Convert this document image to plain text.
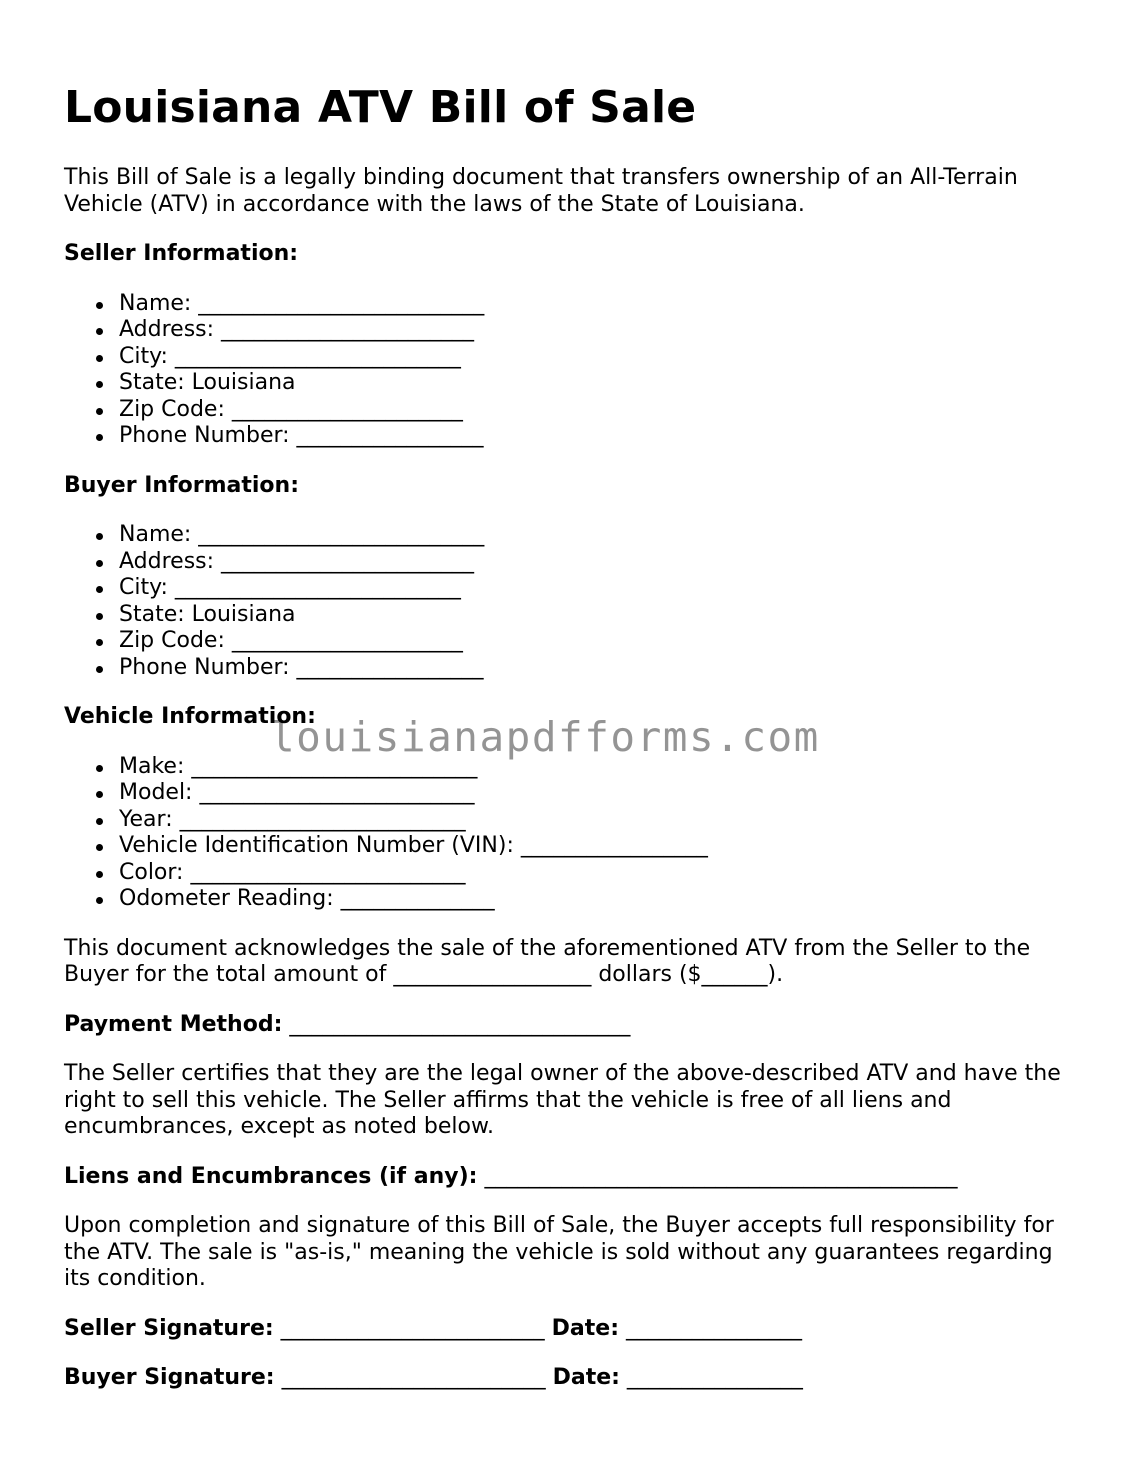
Louisiana ATV Bill of Sale

This Bill of Sale is a legally binding document that transfers ownership of an All-Terrain Vehicle (ATV) in accordance with the laws of the State of Louisiana.

Seller Information:

Name: __________________________
Address: _______________________
City: __________________________
State: Louisiana
Zip Code: _____________________
Phone Number: _________________

Buyer Information:

Name: __________________________
Address: _______________________
City: __________________________
State: Louisiana
Zip Code: _____________________
Phone Number: _________________

Vehicle Information:

Make: __________________________
Model: _________________________
Year: __________________________
Vehicle Identification Number (VIN): _________________
Color: _________________________
Odometer Reading: ______________

This document acknowledges the sale of the aforementioned ATV from the Seller to the Buyer for the total amount of __________________ dollars ($______).

Payment Method: _______________________________

The Seller certifies that they are the legal owner of the above-described ATV and have the right to sell this vehicle. The Seller affirms that the vehicle is free of all liens and encumbrances, except as noted below.

Liens and Encumbrances (if any): ___________________________________________

Upon completion and signature of this Bill of Sale, the Buyer accepts full responsibility for the ATV. The sale is "as-is," meaning the vehicle is sold without any guarantees regarding its condition.

Seller Signature: ________________________ Date: ________________
Buyer Signature: ________________________ Date: ________________
louisianapdfforms.com
